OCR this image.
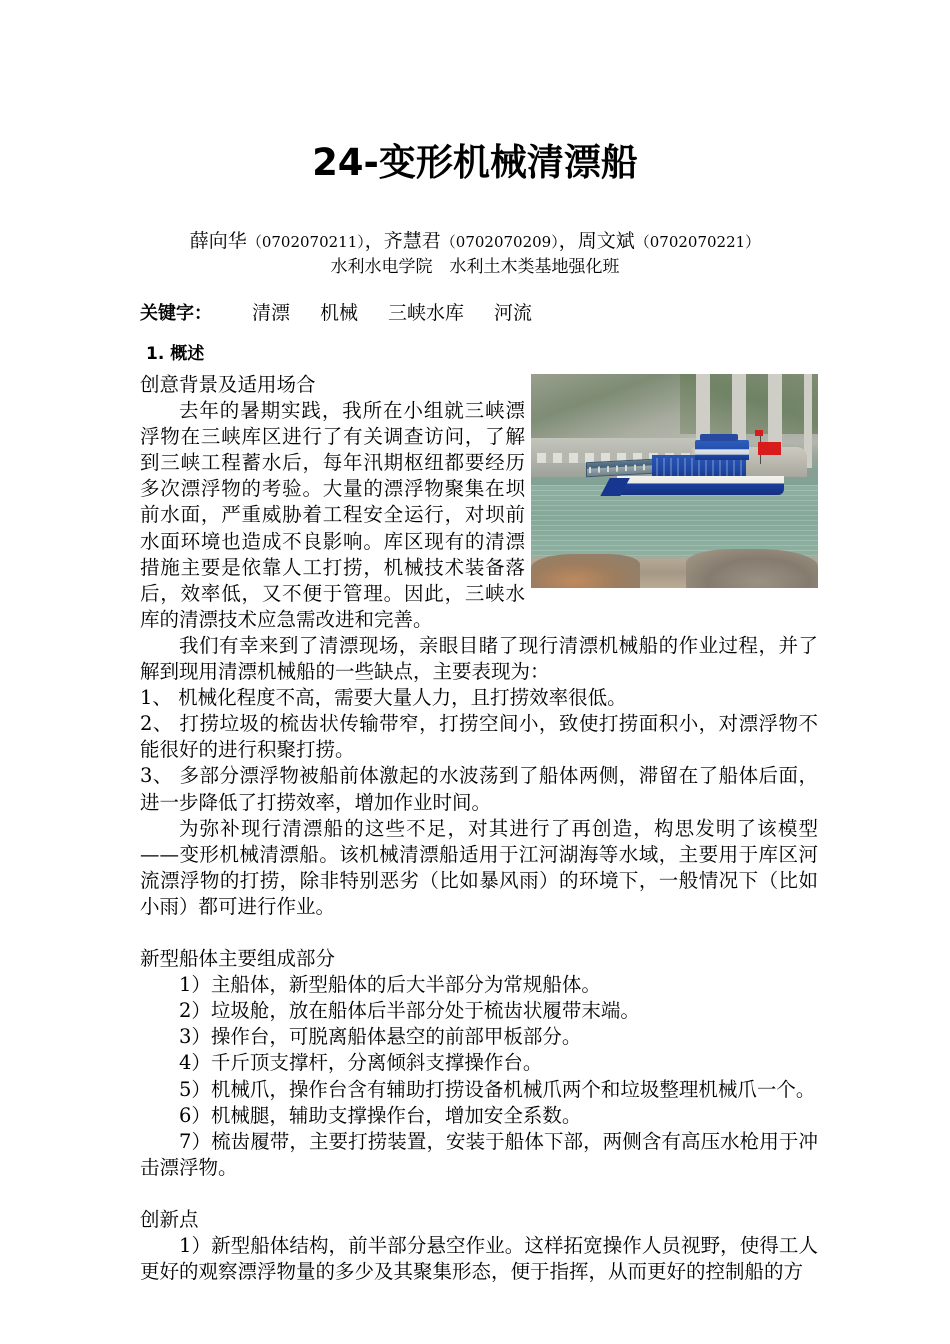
24-变形机械清漂船
薛向华（0702070211），齐慧君（0702070209），周文斌（0702070221）
水利水电学院　水利土木类基地强化班
关键字： 清漂 机械 三峡水库 河流
1. 概述

创意背景及适用场合

去年的暑期实践，我所在小组就三峡漂浮物在三峡库区进行了有关调查访问，了解到三峡工程蓄水后，每年汛期枢纽都要经历多次漂浮物的考验。大量的漂浮物聚集在坝前水面，严重威胁着工程安全运行，对坝前水面环境也造成不良影响。库区现有的清漂措施主要是依靠人工打捞，机械技术装备落后，效率低，又不便于管理。因此，三峡水库的清漂技术应急需改进和完善。

我们有幸来到了清漂现场，亲眼目睹了现行清漂机械船的作业过程，并了解到现用清漂机械船的一些缺点，主要表现为：

1、 机械化程度不高，需要大量人力，且打捞效率很低。

2、 打捞垃圾的梳齿状传输带窄，打捞空间小，致使打捞面积小，对漂浮物不能很好的进行积聚打捞。

3、 多部分漂浮物被船前体激起的水波荡到了船体两侧，滞留在了船体后面，进一步降低了打捞效率，增加作业时间。

为弥补现行清漂船的这些不足，对其进行了再创造，构思发明了该模型——变形机械清漂船。该机械清漂船适用于江河湖海等水域，主要用于库区河流漂浮物的打捞，除非特别恶劣（比如暴风雨）的环境下，一般情况下（比如小雨）都可进行作业。

新型船体主要组成部分

1）主船体，新型船体的后大半部分为常规船体。

2）垃圾舱，放在船体后半部分处于梳齿状履带末端。

3）操作台，可脱离船体悬空的前部甲板部分。

4）千斤顶支撑杆，分离倾斜支撑操作台。

5）机械爪，操作台含有辅助打捞设备机械爪两个和垃圾整理机械爪一个。

6）机械腿，辅助支撑操作台，增加安全系数。

7）梳齿履带，主要打捞装置，安装于船体下部，两侧含有高压水枪用于冲击漂浮物。

创新点

1）新型船体结构，前半部分悬空作业。这样拓宽操作人员视野，使得工人更好的观察漂浮物量的多少及其聚集形态，便于指挥，从而更好的控制船的方
